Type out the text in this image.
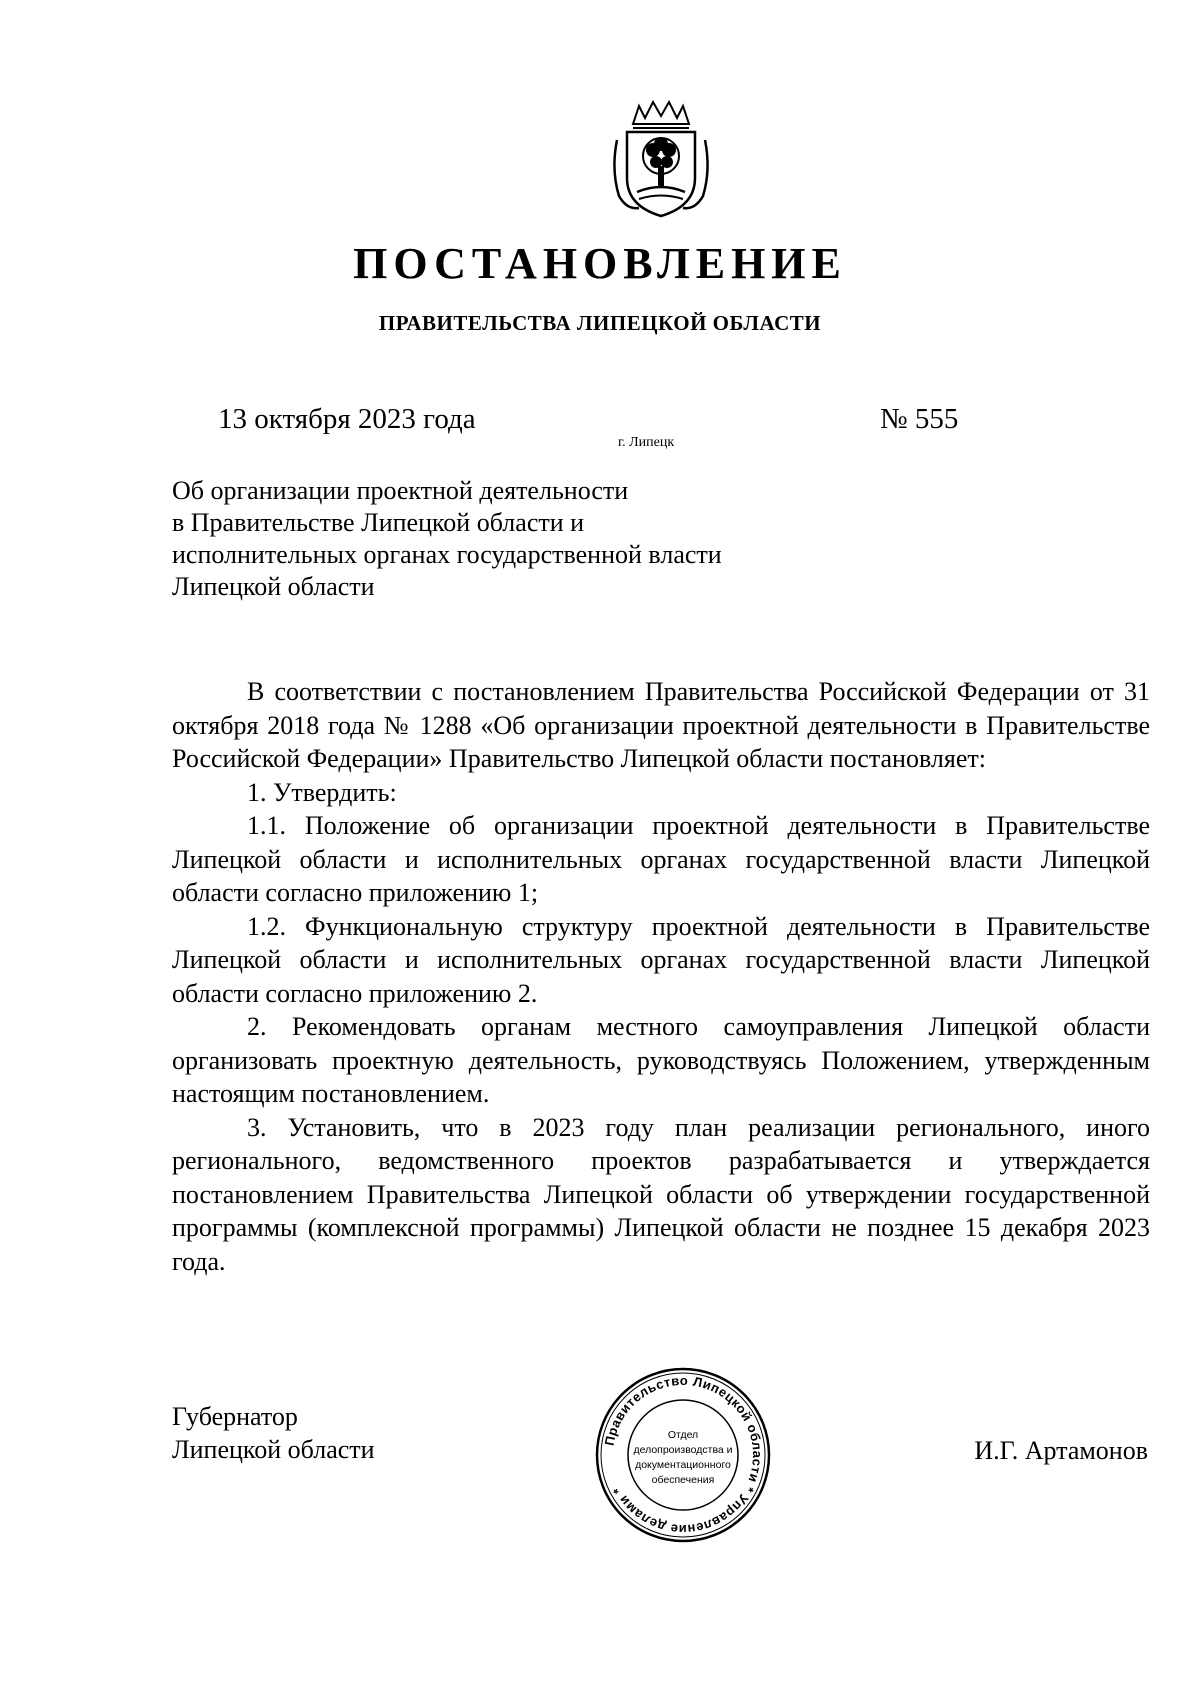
ПОСТАНОВЛЕНИЕ
ПРАВИТЕЛЬСТВА ЛИПЕЦКОЙ ОБЛАСТИ
13 октября 2023 года	№ 555
г. Липецк
Об организации проектной деятельности
в Правительстве Липецкой области и
исполнительных органах государственной власти
Липецкой области

В соответствии с постановлением Правительства Российской Федерации от 31 октября 2018 года № 1288 «Об организации проектной деятельности в Правительстве Российской Федерации» Правительство Липецкой области постановляет:

1. Утвердить:

1.1. Положение об организации проектной деятельности в Правительстве Липецкой области и исполнительных органах государственной власти Липецкой области согласно приложению 1;

1.2. Функциональную структуру проектной деятельности в Правительстве Липецкой области и исполнительных органах государственной власти Липецкой области согласно приложению 2.

2. Рекомендовать органам местного самоуправления Липецкой области организовать проектную деятельность, руководствуясь Положением, утвержденным настоящим постановлением.

3. Установить, что в 2023 году план реализации регионального, иного регионального, ведомственного проектов разрабатывается и утверждается постановлением Правительства Липецкой области об утверждении государственной программы (комплексной программы) Липецкой области не позднее 15 декабря 2023 года.

Губернатор
Липецкой области	Правительство Липецкой области * Управление делами *
Отдел
делопроизводства и
документационного
обеспечения
И.Г. Артамонов
